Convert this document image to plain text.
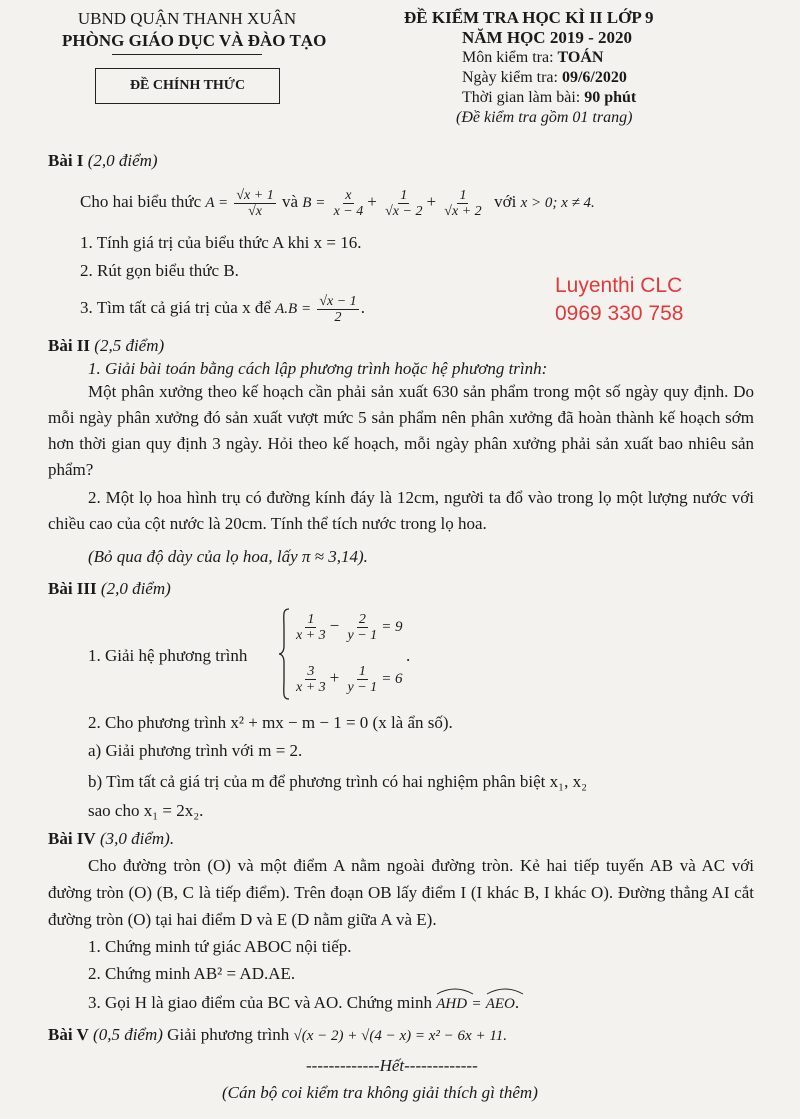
UBND QUẬN THANH XUÂN
PHÒNG GIÁO DỤC VÀ ĐÀO TẠO
ĐỀ CHÍNH THỨC
ĐỀ KIỂM TRA HỌC KÌ II LỚP 9
NĂM HỌC 2019 - 2020
Môn kiểm tra: TOÁN
Ngày kiểm tra: 09/6/2020
Thời gian làm bài: 90 phút
(Đề kiểm tra gồm 01 trang)
Luyenthi CLC
0969 330 758
Bài I (2,0 điểm)
Cho hai biểu thức $A = \frac{√x + 1}{√x}$ và $B = \frac{x}{x - 4} + \frac{1}{√x - 2} + \frac{1}{√x + 2}$ với x > 0; x ≠ 4.
1. Tính giá trị của biểu thức A khi x = 16.
2. Rút gọn biểu thức B.
3. Tìm tất cả giá trị của x để $A.B = \frac{√x - 1}{2}$ .
Bài II (2,5 điểm)
1. Giải bài toán bằng cách lập phương trình hoặc hệ phương trình:
Một phân xưởng theo kế hoạch cần phải sản xuất 630 sản phẩm trong một số ngày quy định. Do mỗi ngày phân xưởng đó sản xuất vượt mức 5 sản phẩm nên phân xưởng đã hoàn thành kế hoạch sớm hơn thời gian quy định 3 ngày. Hỏi theo kế hoạch, mỗi ngày phân xưởng phải sản xuất bao nhiêu sản phẩm?
2. Một lọ hoa hình trụ có đường kính đáy là 12cm, người ta đổ vào trong lọ một lượng nước với chiều cao của cột nước là 20cm. Tính thể tích nước trong lọ hoa.
(Bỏ qua độ dày của lọ hoa, lấy π ≈ 3,14).
Bài III (2,0 điểm)
1. Giải hệ phương trình
$\frac{1}{x + 3} - \frac{2}{y - 1} = 9$
$\frac{3}{x + 3} + \frac{1}{y - 1} = 6$
.
2. Cho phương trình x² + mx − m − 1 = 0 (x là ẩn số).
a) Giải phương trình với m = 2.
b) Tìm tất cả giá trị của m để phương trình có hai nghiệm phân biệt x₁, x₂
sao cho x₁ = 2x₂.
Bài IV (3,0 điểm).
Cho đường tròn (O) và một điểm A nằm ngoài đường tròn. Kẻ hai tiếp tuyến AB và AC với đường tròn (O) (B, C là tiếp điểm). Trên đoạn OB lấy điểm I (I khác B, I khác O). Đường thẳng AI cắt đường tròn (O) tại hai điểm D và E (D nằm giữa A và E).
1. Chứng minh tứ giác ABOC nội tiếp.
2. Chứng minh AB² = AD.AE.
3. Gọi H là giao điểm của BC và AO. Chứng minh AHD = AEO
.
Bài V (0,5 điểm) Giải phương trình √(x − 2) + √(4 − x) = x² − 6x + 11.
-------------Hết-------------
(Cán bộ coi kiểm tra không giải thích gì thêm)
